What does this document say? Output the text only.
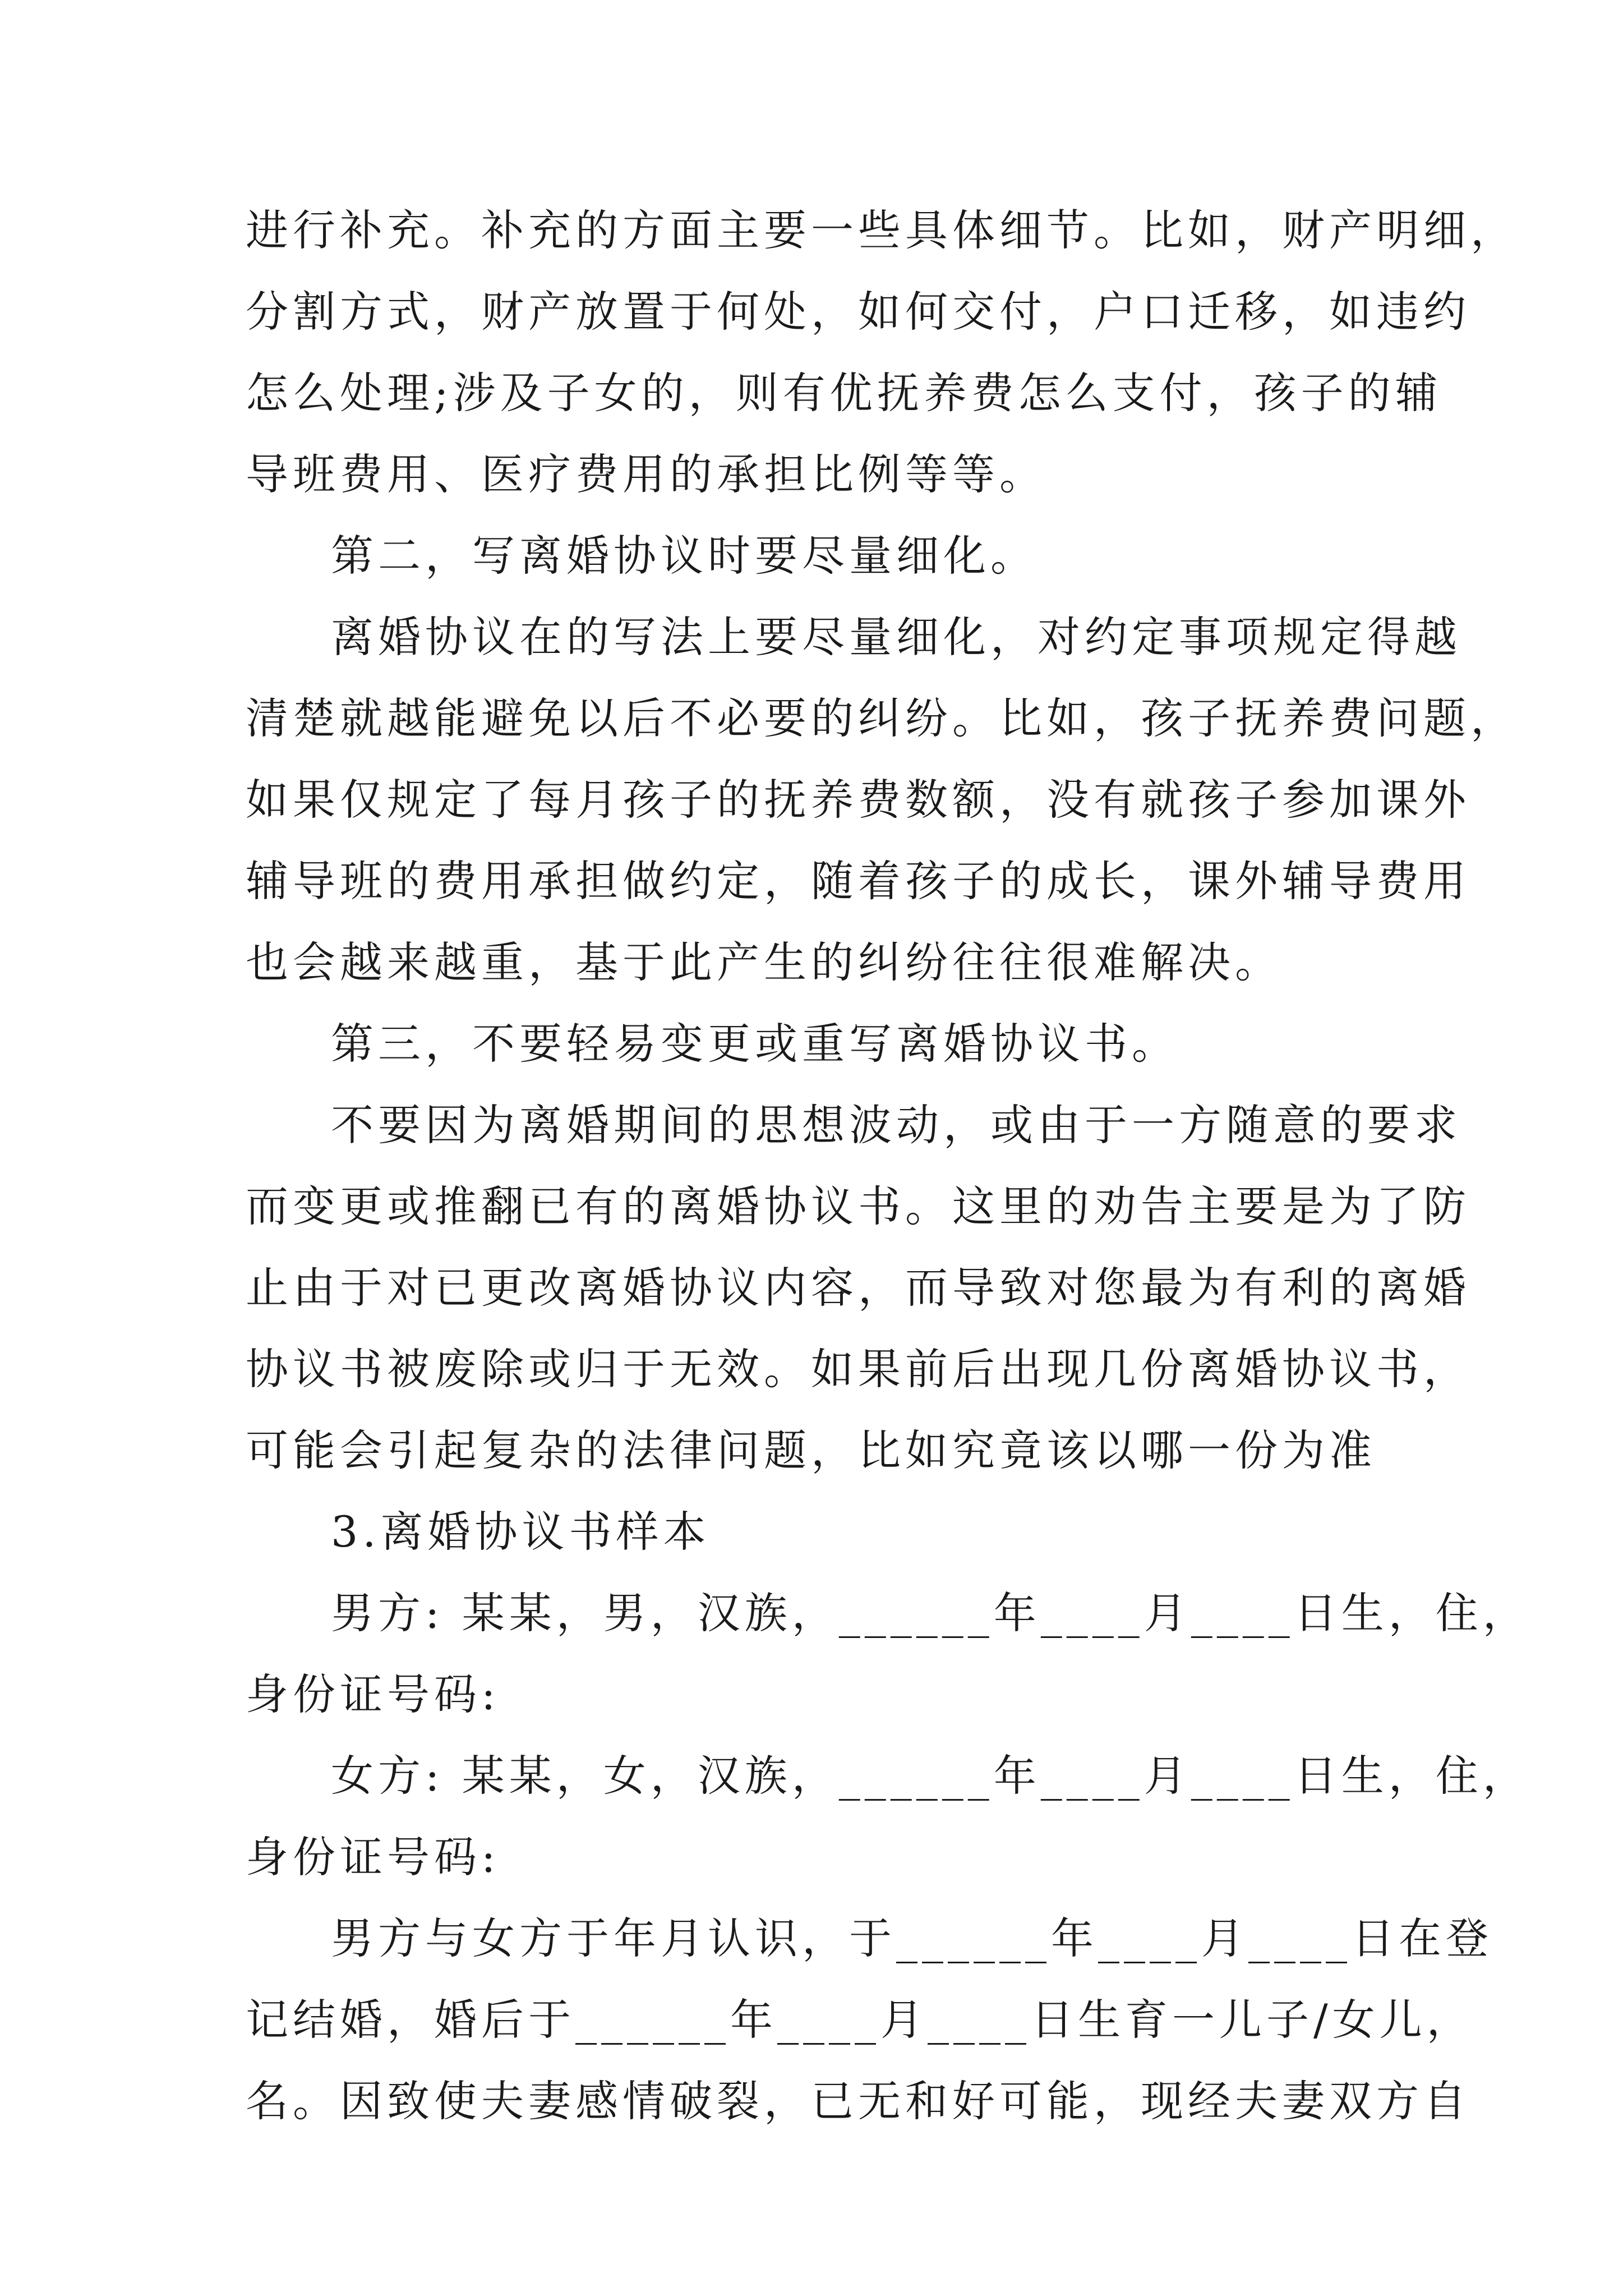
进行补充。补充的方面主要一些具体细节。比如，财产明细，
分割方式，财产放置于何处，如何交付，户口迁移，如违约
怎么处理;涉及子女的，则有优抚养费怎么支付，孩子的辅
导班费用、医疗费用的承担比例等等。
第二，写离婚协议时要尽量细化。
离婚协议在的写法上要尽量细化，对约定事项规定得越
清楚就越能避免以后不必要的纠纷。比如，孩子抚养费问题，
如果仅规定了每月孩子的抚养费数额，没有就孩子参加课外
辅导班的费用承担做约定，随着孩子的成长，课外辅导费用
也会越来越重，基于此产生的纠纷往往很难解决。
第三，不要轻易变更或重写离婚协议书。
不要因为离婚期间的思想波动，或由于一方随意的要求
而变更或推翻已有的离婚协议书。这里的劝告主要是为了防
止由于对已更改离婚协议内容，而导致对您最为有利的离婚
协议书被废除或归于无效。如果前后出现几份离婚协议书，
可能会引起复杂的法律问题，比如究竟该以哪一份为准
3.离婚协议书样本
男方: 某某，男，汉族，______年____月____日生，住，
身份证号码:
女方: 某某，女，汉族，______年____月____日生，住，
身份证号码:
男方与女方于年月认识，于______年____月____日在登
记结婚，婚后于______年____月____日生育一儿子/女儿，
名。因致使夫妻感情破裂，已无和好可能，现经夫妻双方自
